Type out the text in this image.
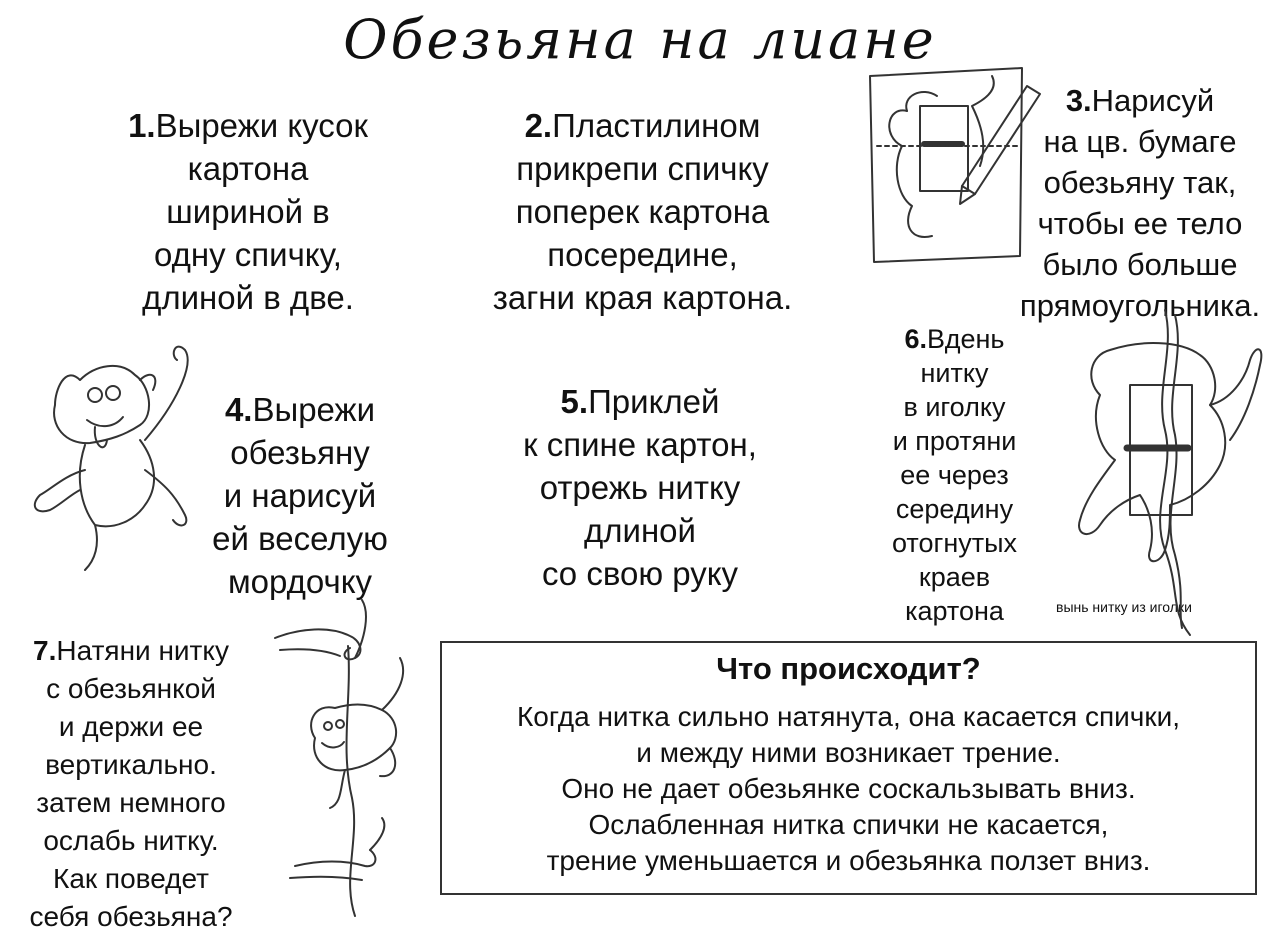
Обезьяна на лиане
1.Вырежи кусок
картона
шириной в
одну спичку,
длиной в две.
2.Пластилином
прикрепи спичку
поперек картона
посередине,
загни края картона.
3.Нарисуй
на цв. бумаге
обезьяну так,
чтобы ее тело
было больше
прямоугольника.
4.Вырежи
обезьяну
и нарисуй
ей веселую
мордочку
5.Приклей
к спине картон,
отрежь нитку
длиной
со свою руку
6.Вдень
нитку
в иголку
и протяни
ее через
середину
отогнутых
краев
картона
7.Натяни нитку
с обезьянкой
и держи ее
вертикально.
затем немного
ослабь нитку.
Как поведет
себя обезьяна?
вынь нитку из иголки
Что происходит?
Когда нитка сильно натянута, она касается спички,
и между ними возникает трение.
Оно не дает обезьянке соскальзывать вниз.
Ослабленная нитка спички не касается,
трение уменьшается и обезьянка ползет вниз.
